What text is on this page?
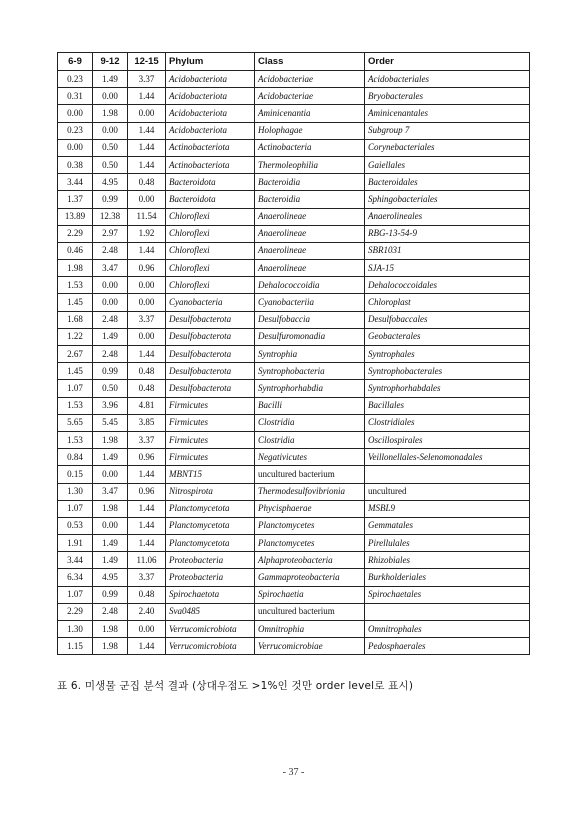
6-9	9-12	12-15	Phylum	Class	Order
0.23	1.49	3.37	Acidobacteriota	Acidobacteriae	Acidobacteriales
0.31	0.00	1.44	Acidobacteriota	Acidobacteriae	Bryobacterales
0.00	1.98	0.00	Acidobacteriota	Aminicenantia	Aminicenantales
0.23	0.00	1.44	Acidobacteriota	Holophagae	Subgroup 7
0.00	0.50	1.44	Actinobacteriota	Actinobacteria	Corynebacteriales
0.38	0.50	1.44	Actinobacteriota	Thermoleophilia	Gaiellales
3.44	4.95	0.48	Bacteroidota	Bacteroidia	Bacteroidales
1.37	0.99	0.00	Bacteroidota	Bacteroidia	Sphingobacteriales
13.89	12.38	11.54	Chloroflexi	Anaerolineae	Anaerolineales
2.29	2.97	1.92	Chloroflexi	Anaerolineae	RBG-13-54-9
0.46	2.48	1.44	Chloroflexi	Anaerolineae	SBR1031
1.98	3.47	0.96	Chloroflexi	Anaerolineae	SJA-15
1.53	0.00	0.00	Chloroflexi	Dehalococcoidia	Dehalococcoidales
1.45	0.00	0.00	Cyanobacteria	Cyanobacteriia	Chloroplast
1.68	2.48	3.37	Desulfobacterota	Desulfobaccia	Desulfobaccales
1.22	1.49	0.00	Desulfobacterota	Desulfuromonadia	Geobacterales
2.67	2.48	1.44	Desulfobacterota	Syntrophia	Syntrophales
1.45	0.99	0.48	Desulfobacterota	Syntrophobacteria	Syntrophobacterales
1.07	0.50	0.48	Desulfobacterota	Syntrophorhabdia	Syntrophorhabdales
1.53	3.96	4.81	Firmicutes	Bacilli	Bacillales
5.65	5.45	3.85	Firmicutes	Clostridia	Clostridiales
1.53	1.98	3.37	Firmicutes	Clostridia	Oscillospirales
0.84	1.49	0.96	Firmicutes	Negativicutes	Veillonellales-Selenomonadales
0.15	0.00	1.44	MBNT15	uncultured bacterium	
1.30	3.47	0.96	Nitrospirota	Thermodesulfovibrionia	uncultured
1.07	1.98	1.44	Planctomycetota	Phycisphaerae	MSBL9
0.53	0.00	1.44	Planctomycetota	Planctomycetes	Gemmatales
1.91	1.49	1.44	Planctomycetota	Planctomycetes	Pirellulales
3.44	1.49	11.06	Proteobacteria	Alphaproteobacteria	Rhizobiales
6.34	4.95	3.37	Proteobacteria	Gammaproteobacteria	Burkholderiales
1.07	0.99	0.48	Spirochaetota	Spirochaetia	Spirochaetales
2.29	2.48	2.40	Sva0485	uncultured bacterium	
1.30	1.98	0.00	Verrucomicrobiota	Omnitrophia	Omnitrophales
1.15	1.98	1.44	Verrucomicrobiota	Verrucomicrobiae	Pedosphaerales
표 6. 미생물 군집 분석 결과 (상대우점도 >1%인 것만 order level로 표시)
- 37 -
